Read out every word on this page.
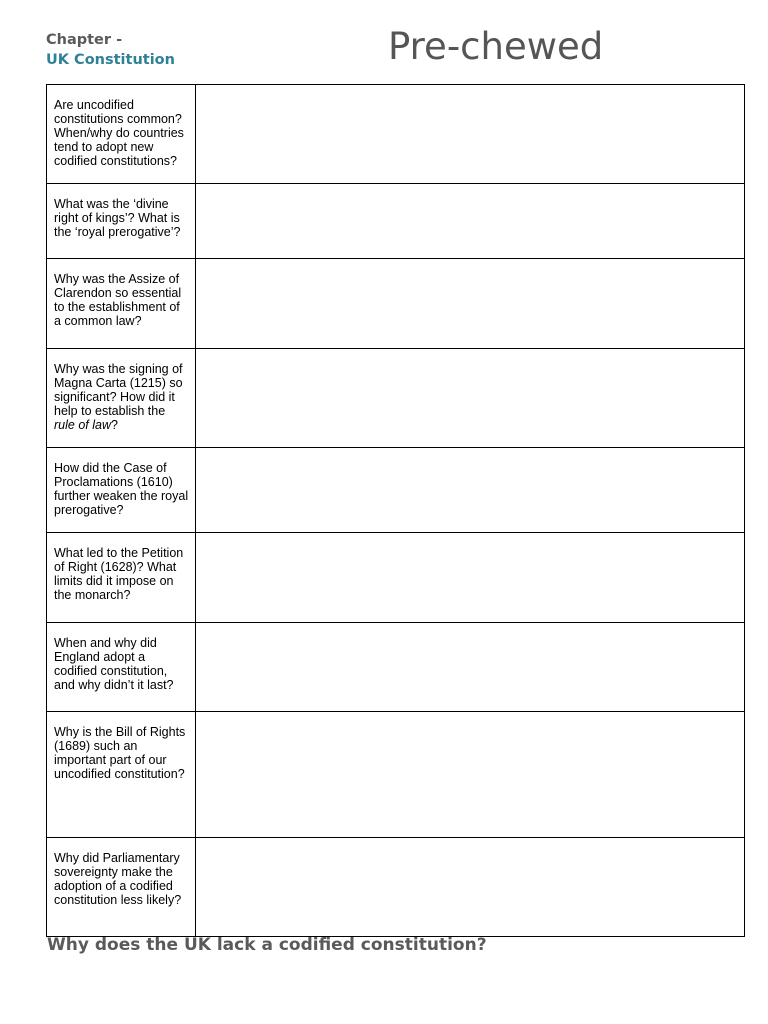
Chapter -

UK Constitution	Pre-chewed
Are uncodified constitutions common? When/why do countries tend to adopt new codified constitutions?	
What was the ‘divine right of kings’? What is the ‘royal prerogative’?	
Why was the Assize of Clarendon so essential to the establishment of a common law?	
Why was the signing of Magna Carta (1215) so significant? How did it help to establish the rule of law?	
How did the Case of Proclamations (1610) further weaken the royal prerogative?	
What led to the Petition of Right (1628)? What limits did it impose on the monarch?	
When and why did England adopt a codified constitution, and why didn’t it last?	
Why is the Bill of Rights (1689) such an important part of our uncodified constitution?	
Why did Parliamentary sovereignty make the adoption of a codified constitution less likely?	
Why does the UK lack a codified constitution?
